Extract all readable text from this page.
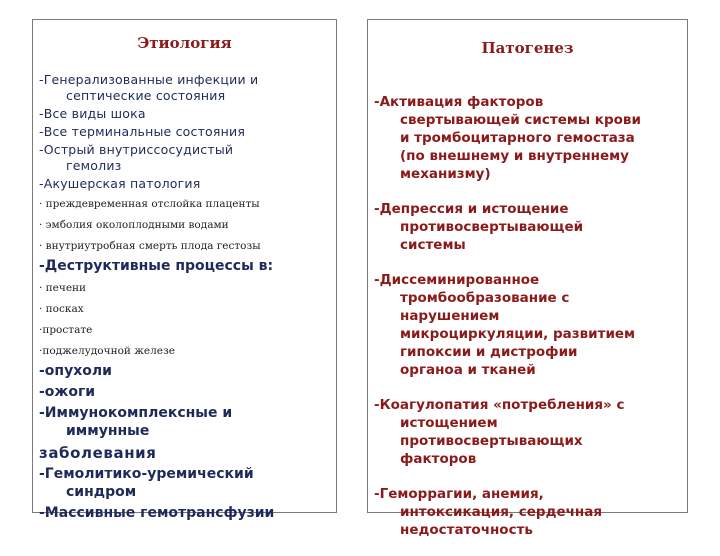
Этиология
-Генерализованные инфекции и
септические состояния
-Все виды шока
-Все терминальные состояния
-Острый внутриссосудистый
гемолиз
-Акушерская патология
· преждевременная отслойка плаценты
· эмболия околоплодными водами
· внутриутробная смерть плода гестозы
-Деструктивные процессы в:
· печени
· посках
·простате
·поджелудочной железе
-опухоли
-ожоги
-Иммунокомплексные и
иммунные
заболевания
-Гемолитико-уремический
синдром
-Массивные гемотрансфузии
Патогенез
-Активация факторов
свертывающей системы крови
и тромбоцитарного гемостаза
(по внешнему и внутреннему
механизму)
-Депрессия и истощение
противосвертывающей
системы
-Диссеминированное
тромбообразование с
нарушением
микроциркуляции, развитием
гипоксии и дистрофии
органоа и тканей
-Коагулопатия «потребления» с
истощением
противосвертывающих
факторов
-Геморрагии, анемия,
интоксикация, сердечная
недостаточность
